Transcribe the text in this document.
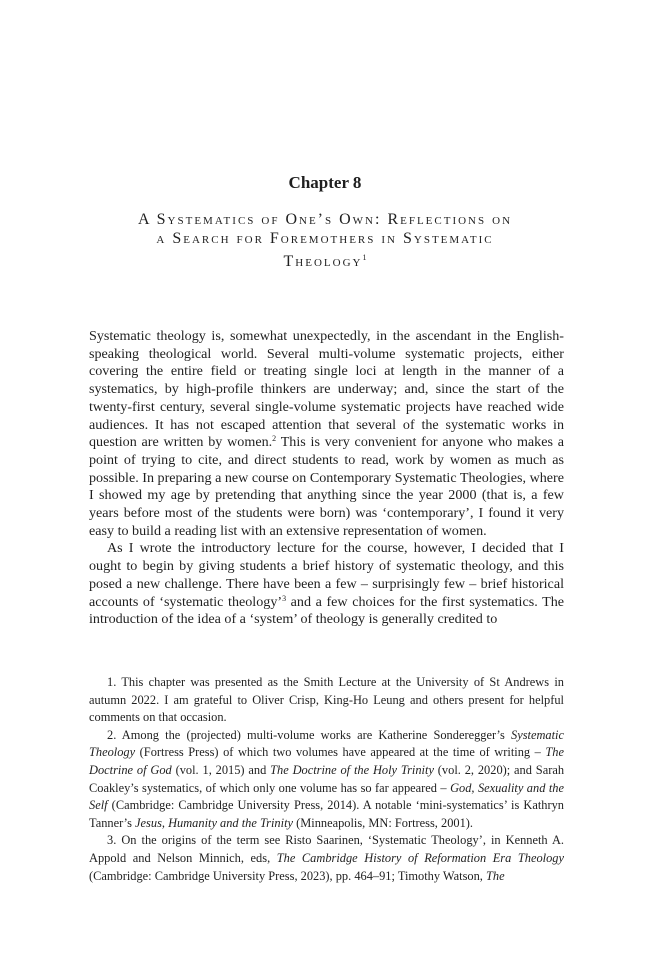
Chapter 8
A Systematics of One’s Own: Reflections on
a Search for Foremothers in Systematic
Theology$^1$

Systematic theology is, somewhat unexpectedly, in the ascendant in the English-speaking theological world. Several multi-volume systematic projects, either covering the entire field or treating single loci at length in the manner of a systematics, by high-profile thinkers are underway; and, since the start of the twenty-first century, several single-volume systematic projects have reached wide audiences. It has not escaped attention that several of the systematic works in question are written by women.$^2$ This is very convenient for anyone who makes a point of trying to cite, and direct students to read, work by women as much as possible. In preparing a new course on Contemporary Systematic Theologies, where I showed my age by pretending that anything since the year 2000 (that is, a few years before most of the students were born) was ‘contemporary’, I found it very easy to build a reading list with an extensive representation of women.

As I wrote the introductory lecture for the course, however, I decided that I ought to begin by giving students a brief history of systematic theology, and this posed a new challenge. There have been a few – surprisingly few – brief historical accounts of ‘systematic theology’$^3$ and a few choices for the first systematics. The introduction of the idea of a ‘system’ of theology is generally credited to

1. This chapter was presented as the Smith Lecture at the University of St Andrews in autumn 2022. I am grateful to Oliver Crisp, King-Ho Leung and others present for helpful comments on that occasion.

2. Among the (projected) multi-volume works are Katherine Sonderegger’s Systematic Theology (Fortress Press) of which two volumes have appeared at the time of writing – The Doctrine of God (vol. 1, 2015) and The Doctrine of the Holy Trinity (vol. 2, 2020); and Sarah Coakley’s systematics, of which only one volume has so far appeared – God, Sexuality and the Self (Cambridge: Cambridge University Press, 2014). A notable ‘mini-systematics’ is Kathryn Tanner’s Jesus, Humanity and the Trinity (Minneapolis, MN: Fortress, 2001).

3. On the origins of the term see Risto Saarinen, ‘Systematic Theology’, in Kenneth A. Appold and Nelson Minnich, eds, The Cambridge History of Reformation Era Theology (Cambridge: Cambridge University Press, 2023), pp. 464–91; Timothy Watson, The
